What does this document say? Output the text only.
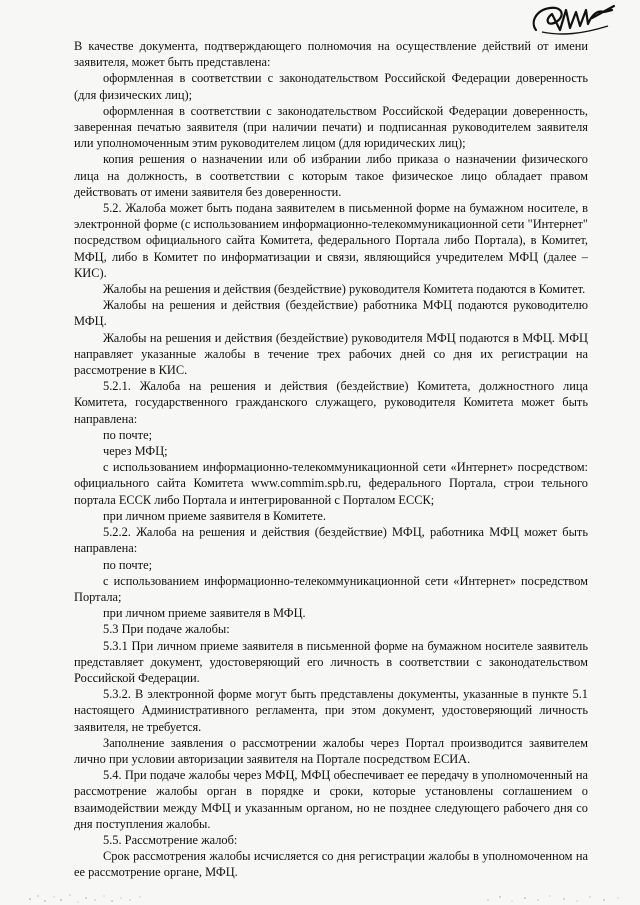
В качестве документа, подтверждающего полномочия на осуществление действий от имени заявителя, может быть представлена:

оформленная в соответствии с законодательством Российской Федерации доверенность (для физических лиц);

оформленная в соответствии с законодательством Российской Федерации доверенность, заверенная печатью заявителя (при наличии печати) и подписанная руководителем заявителя или уполномоченным этим руководителем лицом (для юридических лиц);

копия решения о назначении или об избрании либо приказа о назначении физического лица на должность, в соответствии с которым такое физическое лицо обладает правом действовать от имени заявителя без доверенности.

5.2. Жалоба может быть подана заявителем в письменной форме на бумажном носителе, в электронной форме (с использованием информационно-телекоммуникационной сети "Интернет" посредством официального сайта Комитета, федерального Портала либо Портала), в Комитет, МФЦ, либо в Комитет по информатизации и связи, являющийся учредителем МФЦ (далее – КИС).

Жалобы на решения и действия (бездействие) руководителя Комитета подаются в Комитет.

Жалобы на решения и действия (бездействие) работника МФЦ подаются руководителю МФЦ.

Жалобы на решения и действия (бездействие) руководителя МФЦ подаются в МФЦ. МФЦ направляет указанные жалобы в течение трех рабочих дней со дня их регистрации на рассмотрение в КИС.

5.2.1. Жалоба на решения и действия (бездействие) Комитета, должностного лица Комитета, государственного гражданского служащего, руководителя Комитета может быть направлена:

по почте;

через МФЦ;

с использованием информационно-телекоммуникационной сети «Интернет» посредством: официального сайта Комитета www.commim.spb.ru, федерального Портала, строи тельного портала ЕССК либо Портала и интегрированной с Порталом ЕССК;

при личном приеме заявителя в Комитете.

5.2.2. Жалоба на решения и действия (бездействие) МФЦ, работника МФЦ может быть направлена:

по почте;

с использованием информационно-телекоммуникационной сети «Интернет» посредством Портала;

при личном приеме заявителя в МФЦ.

5.3 При подаче жалобы:

5.3.1 При личном приеме заявителя в письменной форме на бумажном носителе заявитель представляет документ, удостоверяющий его личность в соответствии с законодательством Российской Федерации.

5.3.2. В электронной форме могут быть представлены документы, указанные в пункте 5.1 настоящего Административного регламента, при этом документ, удостоверяющий личность заявителя, не требуется.

Заполнение заявления о рассмотрении жалобы через Портал производится заявителем лично при условии авторизации заявителя на Портале посредством ЕСИА.

5.4. При подаче жалобы через МФЦ, МФЦ обеспечивает ее передачу в уполномоченный на рассмотрение жалобы орган в порядке и сроки, которые установлены соглашением о взаимодействии между МФЦ и указанным органом, но не позднее следующего рабочего дня со дня поступления жалобы.

5.5. Рассмотрение жалоб:

Срок рассмотрения жалобы исчисляется со дня регистрации жалобы в уполномоченном на ее рассмотрение органе, МФЦ.
